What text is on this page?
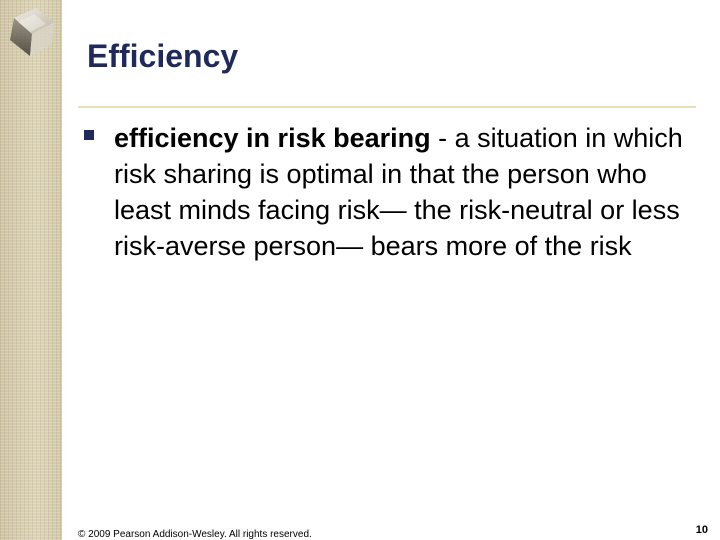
Efficiency
efficiency in risk bearing - a situation in which risk sharing is optimal in that the person who least minds facing risk— the risk-neutral or less risk-averse person— bears more of the risk
© 2009 Pearson Addison-Wesley. All rights reserved.	10
